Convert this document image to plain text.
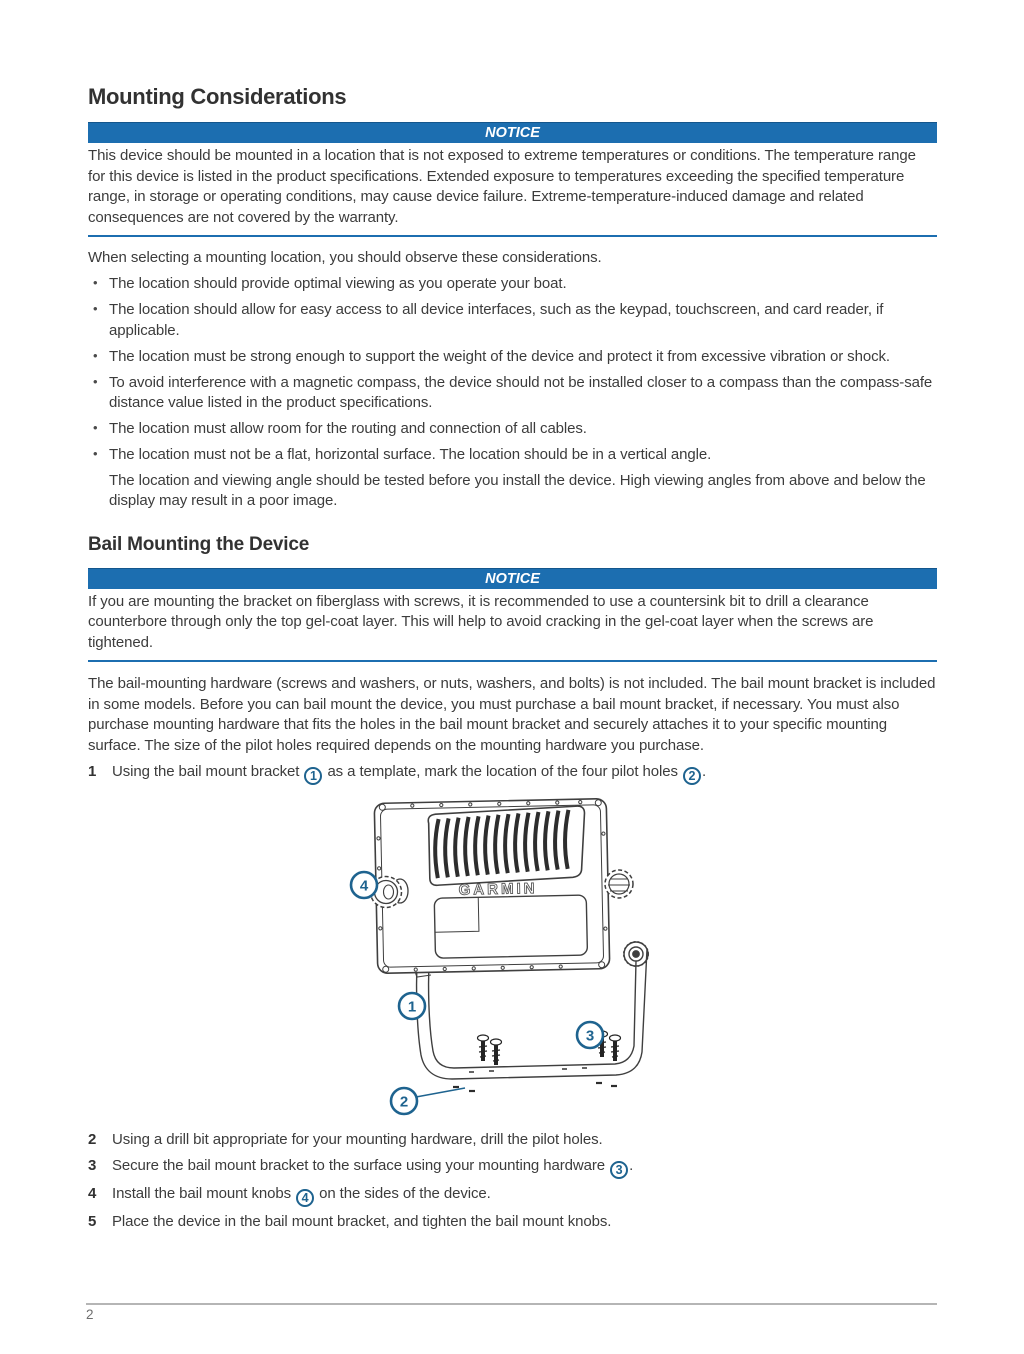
Mounting Considerations
NOTICE

This device should be mounted in a location that is not exposed to extreme temperatures or conditions. The temperature range for this device is listed in the product specifications. Extended exposure to temperatures exceeding the specified temperature range, in storage or operating conditions, may cause device failure. Extreme-temperature-induced damage and related consequences are not covered by the warranty.

When selecting a mounting location, you should observe these considerations.

• The location should provide optimal viewing as you operate your boat.
• The location should allow for easy access to all device interfaces, such as the keypad, touchscreen, and card reader, if applicable.
• The location must be strong enough to support the weight of the device and protect it from excessive vibration or shock.
• To avoid interference with a magnetic compass, the device should not be installed closer to a compass than the compass-safe distance value listed in the product specifications.
• The location must allow room for the routing and connection of all cables.
• The location must not be a flat, horizontal surface. The location should be in a vertical angle.

The location and viewing angle should be tested before you install the device. High viewing angles from above and below the display may result in a poor image.

Bail Mounting the Device
NOTICE

If you are mounting the bracket on fiberglass with screws, it is recommended to use a countersink bit to drill a clearance counterbore through only the top gel-coat layer. This will help to avoid cracking in the gel-coat layer when the screws are tightened.

The bail-mounting hardware (screws and washers, or nuts, washers, and bolts) is not included. The bail mount bracket is included in some models. Before you can bail mount the device, you must purchase a bail mount bracket, if necessary. You must also purchase mounting hardware that fits the holes in the bail mount bracket and securely attaches it to your specific mounting surface. The size of the pilot holes required depends on the mounting hardware you purchase.

1	Using the bail mount bracket 1 as a template, mark the location of the four pilot holes 2 .
GARMIN
4
1
3
2
2	Using a drill bit appropriate for your mounting hardware, drill the pilot holes.
3	Secure the bail mount bracket to the surface using your mounting hardware 3 .
4	Install the bail mount knobs 4 on the sides of the device.
5	Place the device in the bail mount bracket, and tighten the bail mount knobs.
2
